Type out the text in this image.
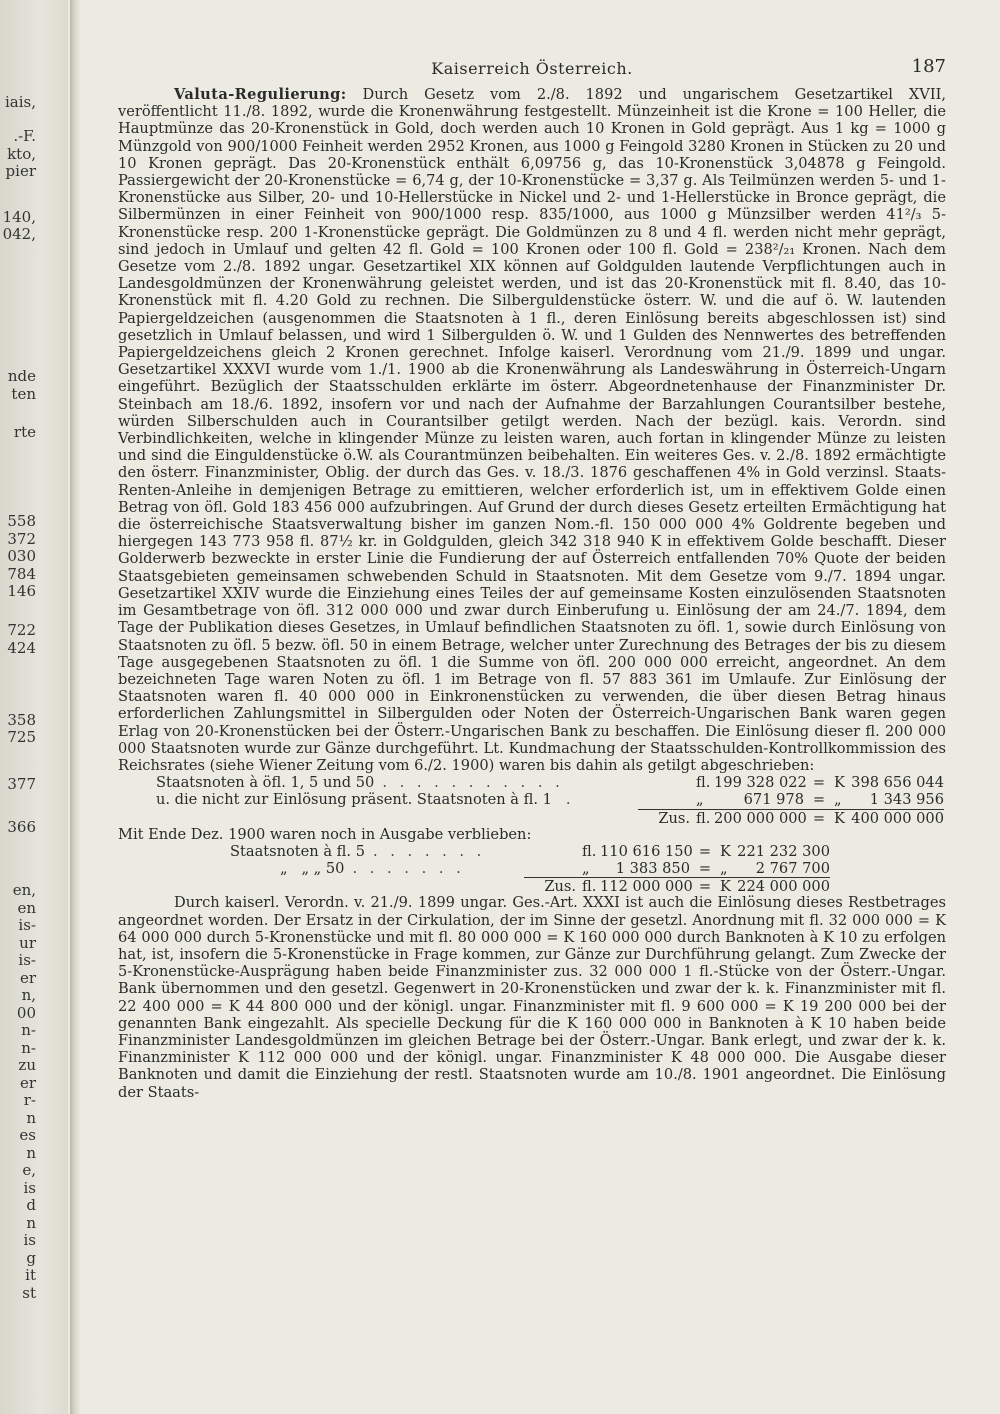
iais,
.-F.
kto,
pier
140,
042,
nde
ten
rte
558
372
030
784
146
722
424
358
725
377
366
en,
en
is-
ur
is-
er
n,
00
n-
n-
zu
er
r-
n
es
n
e,
is
d
n
is
g
it
st
Kaiserreich Österreich.	187

Valuta-Regulierung: Durch Gesetz vom 2./8. 1892 und ungarischem Gesetzartikel XVII, veröffentlicht 11./8. 1892, wurde die Kronenwährung festgestellt. Münzeinheit ist die Krone = 100 Heller, die Hauptmünze das 20-Kronenstück in Gold, doch werden auch 10 Kronen in Gold geprägt. Aus 1 kg = 1000 g Münzgold von 900/1000 Feinheit werden 2952 Kronen, aus 1000 g Feingold 3280 Kronen in Stücken zu 20 und 10 Kronen geprägt. Das 20-Kronenstück enthält 6,09756 g, das 10-Kronenstück 3,04878 g Feingold. Passiergewicht der 20-Kronenstücke = 6,74 g, der 10-Kronenstücke = 3,37 g. Als Teilmünzen werden 5- und 1-Kronenstücke aus Silber, 20- und 10-Hellerstücke in Nickel und 2- und 1-Hellerstücke in Bronce geprägt, die Silbermünzen in einer Feinheit von 900/1000 resp. 835/1000, aus 1000 g Münzsilber werden 41²/₃ 5-Kronenstücke resp. 200 1-Kronenstücke geprägt. Die Goldmünzen zu 8 und 4 fl. werden nicht mehr geprägt, sind jedoch in Umlauf und gelten 42 fl. Gold = 100 Kronen oder 100 fl. Gold = 238²/₂₁ Kronen. Nach dem Gesetze vom 2./8. 1892 ungar. Gesetzartikel XIX können auf Goldgulden lautende Verpflichtungen auch in Landesgoldmünzen der Kronenwährung geleistet werden, und ist das 20-Kronenstück mit fl. 8.40, das 10-Kronenstück mit fl. 4.20 Gold zu rechnen. Die Silberguldenstücke österr. W. und die auf ö. W. lautenden Papiergeldzeichen (ausgenommen die Staatsnoten à 1 fl., deren Einlösung bereits abgeschlossen ist) sind gesetzlich in Umlauf belassen, und wird 1 Silbergulden ö. W. und 1 Gulden des Nennwertes des betreffenden Papiergeldzeichens gleich 2 Kronen gerechnet. Infolge kaiserl. Verordnung vom 21./9. 1899 und ungar. Gesetzartikel XXXVI wurde vom 1./1. 1900 ab die Kronenwährung als Landeswährung in Österreich-Ungarn eingeführt. Bezüglich der Staatsschulden erklärte im österr. Abgeordnetenhause der Finanzminister Dr. Steinbach am 18./6. 1892, insofern vor und nach der Aufnahme der Barzahlungen Courantsilber bestehe, würden Silberschulden auch in Courantsilber getilgt werden. Nach der bezügl. kais. Verordn. sind Verbindlichkeiten, welche in klingender Münze zu leisten waren, auch fortan in klingender Münze zu leisten und sind die Einguldenstücke ö.W. als Courantmünzen beibehalten. Ein weiteres Ges. v. 2./8. 1892 ermächtigte den österr. Finanzminister, Oblig. der durch das Ges. v. 18./3. 1876 geschaffenen 4% in Gold verzinsl. Staats-Renten-Anleihe in demjenigen Betrage zu emittieren, welcher erforderlich ist, um in effektivem Golde einen Betrag von öfl. Gold 183 456 000 aufzubringen. Auf Grund der durch dieses Gesetz erteilten Ermächtigung hat die österreichische Staatsverwaltung bisher im ganzen Nom.-fl. 150 000 000 4% Goldrente begeben und hiergegen 143 773 958 fl. 87½ kr. in Goldgulden, gleich 342 318 940 K in effektivem Golde beschafft. Dieser Golderwerb bezweckte in erster Linie die Fundierung der auf Österreich entfallenden 70% Quote der beiden Staatsgebieten gemeinsamen schwebenden Schuld in Staatsnoten. Mit dem Gesetze vom 9./7. 1894 ungar. Gesetzartikel XXIV wurde die Einziehung eines Teiles der auf gemeinsame Kosten einzulösenden Staatsnoten im Gesamtbetrage von öfl. 312 000 000 und zwar durch Einberufung u. Einlösung der am 24./7. 1894, dem Tage der Publikation dieses Gesetzes, in Umlauf befindlichen Staatsnoten zu öfl. 1, sowie durch Einlösung von Staatsnoten zu öfl. 5 bezw. öfl. 50 in einem Betrage, welcher unter Zurechnung des Betrages der bis zu diesem Tage ausgegebenen Staatsnoten zu öfl. 1 die Summe von öfl. 200 000 000 erreicht, angeordnet. An dem bezeichneten Tage waren Noten zu öfl. 1 im Betrage von fl. 57 883 361 im Umlaufe. Zur Einlösung der Staatsnoten waren fl. 40 000 000 in Einkronenstücken zu verwenden, die über diesen Betrag hinaus erforderlichen Zahlungsmittel in Silbergulden oder Noten der Österreich-Ungarischen Bank waren gegen Erlag von 20-Kronenstücken bei der Österr.-Ungarischen Bank zu beschaffen. Die Einlösung dieser fl. 200 000 000 Staatsnoten wurde zur Gänze durchgeführt. Lt. Kundmachung der Staatsschulden-Kontrollkommission des Reichsrates (siehe Wiener Zeitung vom 6./2. 1900) waren bis dahin als getilgt abgeschrieben:

Staatsnoten à öfl. 1, 5 und 50 . . . . . . . . . . .	fl. 199 328 022 = K 398 656 044
u. die nicht zur Einlösung präsent. Staatsnoten à fl. 1 .	„	671 978 = „	1 343 956
Zus. fl. 200 000 000 = K 400 000 000

Mit Ende Dez. 1900 waren noch in Ausgabe verblieben:

Staatsnoten à fl. 5 . . . . . . .	fl. 110 616 150 = K 221 232 300
„   „ „ 50 . . . . . . .	„	1 383 850 = „	2 767 700
Zus. fl. 112 000 000 = K 224 000 000

Durch kaiserl. Verordn. v. 21./9. 1899 ungar. Ges.-Art. XXXI ist auch die Einlösung dieses Restbetrages angeordnet worden. Der Ersatz in der Cirkulation, der im Sinne der gesetzl. Anordnung mit fl. 32 000 000 = K 64 000 000 durch 5-Kronenstücke und mit fl. 80 000 000 = K 160 000 000 durch Banknoten à K 10 zu erfolgen hat, ist, insofern die 5-Kronenstücke in Frage kommen, zur Gänze zur Durchführung gelangt. Zum Zwecke der 5-Kronenstücke-Ausprägung haben beide Finanzminister zus. 32 000 000 1 fl.-Stücke von der Österr.-Ungar. Bank übernommen und den gesetzl. Gegenwert in 20-Kronenstücken und zwar der k. k. Finanzminister mit fl. 22 400 000 = K 44 800 000 und der königl. ungar. Finanzminister mit fl. 9 600 000 = K 19 200 000 bei der genannten Bank eingezahlt. Als specielle Deckung für die K 160 000 000 in Banknoten à K 10 haben beide Finanzminister Landesgoldmünzen im gleichen Betrage bei der Österr.-Ungar. Bank erlegt, und zwar der k. k. Finanzminister K 112 000 000 und der königl. ungar. Finanzminister K 48 000 000. Die Ausgabe dieser Banknoten und damit die Einziehung der restl. Staatsnoten wurde am 10./8. 1901 angeordnet. Die Einlösung der Staats-
